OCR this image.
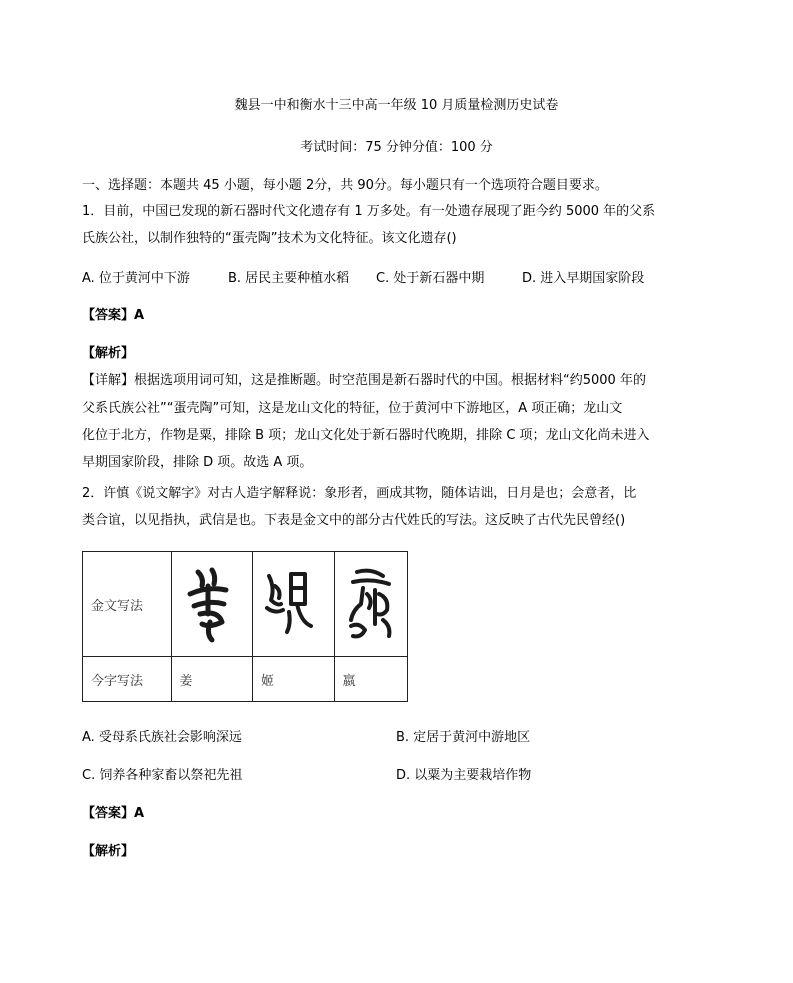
魏县一中和衡水十三中高一年级 10 月质量检测历史试卷
考试时间：75 分钟分值：100 分
一、选择题：本题共 45 小题，每小题 2分，共 90分。每小题只有一个选项符合题目要求。
1．目前，中国已发现的新石器时代文化遗存有 1 万多处。有一处遗存展现了距今约 5000 年的父系
氏族公社，以制作独特的“蛋壳陶”技术为文化特征。该文化遗存()
A. 位于黄河中下游	B. 居民主要种植水稻 C. 处于新石器中期	D. 进入早期国家阶段
【答案】A
【解析】
【详解】根据选项用词可知，这是推断题。时空范围是新石器时代的中国。根据材料“约5000 年的
父系氏族公社”“蛋壳陶”可知，这是龙山文化的特征，位于黄河中下游地区，A 项正确；龙山文
化位于北方，作物是粟，排除 B 项；龙山文化处于新石器时代晚期，排除 C 项；龙山文化尚未进入
早期国家阶段，排除 D 项。故选 A 项。
2．许慎《说文解字》对古人造字解释说：象形者，画成其物，随体诘诎，日月是也；会意者，比
类合谊，以见指执，武信是也。下表是金文中的部分古代姓氏的写法。这反映了古代先民曾经()
金文写法	

今字写法	姜	姬	嬴
A. 受母系氏族社会影响深远	B. 定居于黄河中游地区
C. 饲养各种家畜以祭祀先祖	D. 以粟为主要栽培作物
【答案】A
【解析】
